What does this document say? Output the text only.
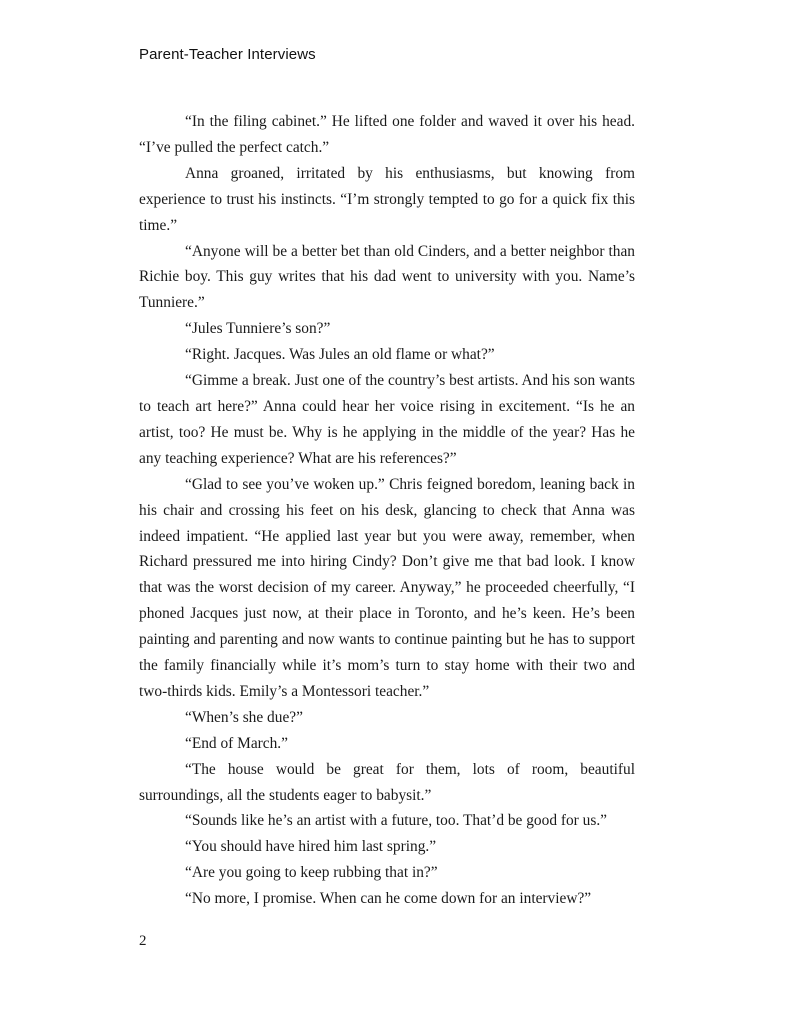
Parent-Teacher Interviews

“In the filing cabinet.” He lifted one folder and waved it over his head. “I’ve pulled the perfect catch.”

Anna groaned, irritated by his enthusiasms, but knowing from experience to trust his instincts. “I’m strongly tempted to go for a quick fix this time.”

“Anyone will be a better bet than old Cinders, and a better neighbor than Richie boy. This guy writes that his dad went to university with you. Name’s Tunniere.”

“Jules Tunniere’s son?”

“Right. Jacques. Was Jules an old flame or what?”

“Gimme a break. Just one of the country’s best artists. And his son wants to teach art here?” Anna could hear her voice rising in excitement. “Is he an artist, too? He must be. Why is he applying in the middle of the year? Has he any teaching experience? What are his references?”

“Glad to see you’ve woken up.” Chris feigned boredom, leaning back in his chair and crossing his feet on his desk, glancing to check that Anna was indeed impatient. “He applied last year but you were away, remember, when Richard pressured me into hiring Cindy? Don’t give me that bad look. I know that was the worst decision of my career. Anyway,” he proceeded cheerfully, “I phoned Jacques just now, at their place in Toronto, and he’s keen. He’s been painting and parenting and now wants to continue painting but he has to support the family financially while it’s mom’s turn to stay home with their two and two-thirds kids. Emily’s a Montessori teacher.”

“When’s she due?”

“End of March.”

“The house would be great for them, lots of room, beautiful surroundings, all the students eager to babysit.”

“Sounds like he’s an artist with a future, too. That’d be good for us.”

“You should have hired him last spring.”

“Are you going to keep rubbing that in?”

“No more, I promise. When can he come down for an interview?”

2
